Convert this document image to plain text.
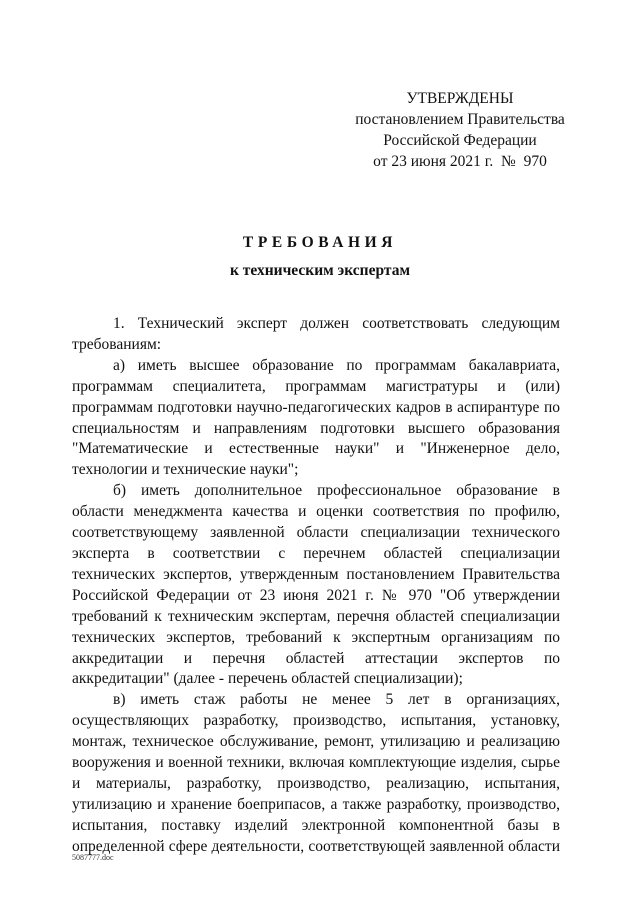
УТВЕРЖДЕНЫ
постановлением Правительства
Российской Федерации
от 23 июня 2021 г.  №  970
ТРЕБОВАНИЯ
к техническим экспертам

1. Технический эксперт должен соответствовать следующим требованиям:

а) иметь высшее образование по программам бакалавриата, программам специалитета, программам магистратуры и (или) программам подготовки научно-педагогических кадров в аспирантуре по специальностям и направлениям подготовки высшего образования "Математические и естественные науки" и "Инженерное дело, технологии и технические науки";

б) иметь дополнительное профессиональное образование в области менеджмента качества и оценки соответствия по профилю, соответствующему заявленной области специализации технического эксперта в соответствии с перечнем областей специализации технических экспертов, утвержденным постановлением Правительства Российской Федерации от 23 июня 2021 г. № 970 "Об утверждении требований к техническим экспертам, перечня областей специализации технических экспертов, требований к экспертным организациям по аккредитации и перечня областей аттестации экспертов по аккредитации" (далее - перечень областей специализации);

в) иметь стаж работы не менее 5 лет в организациях, осуществляющих разработку, производство, испытания, установку, монтаж, техническое обслуживание, ремонт, утилизацию и реализацию вооружения и военной техники, включая комплектующие изделия, сырье и материалы, разработку, производство, реализацию, испытания, утилизацию и хранение боеприпасов, а также разработку, производство, испытания, поставку изделий электронной компонентной базы в определенной сфере деятельности, соответствующей заявленной области

5087777.doc
